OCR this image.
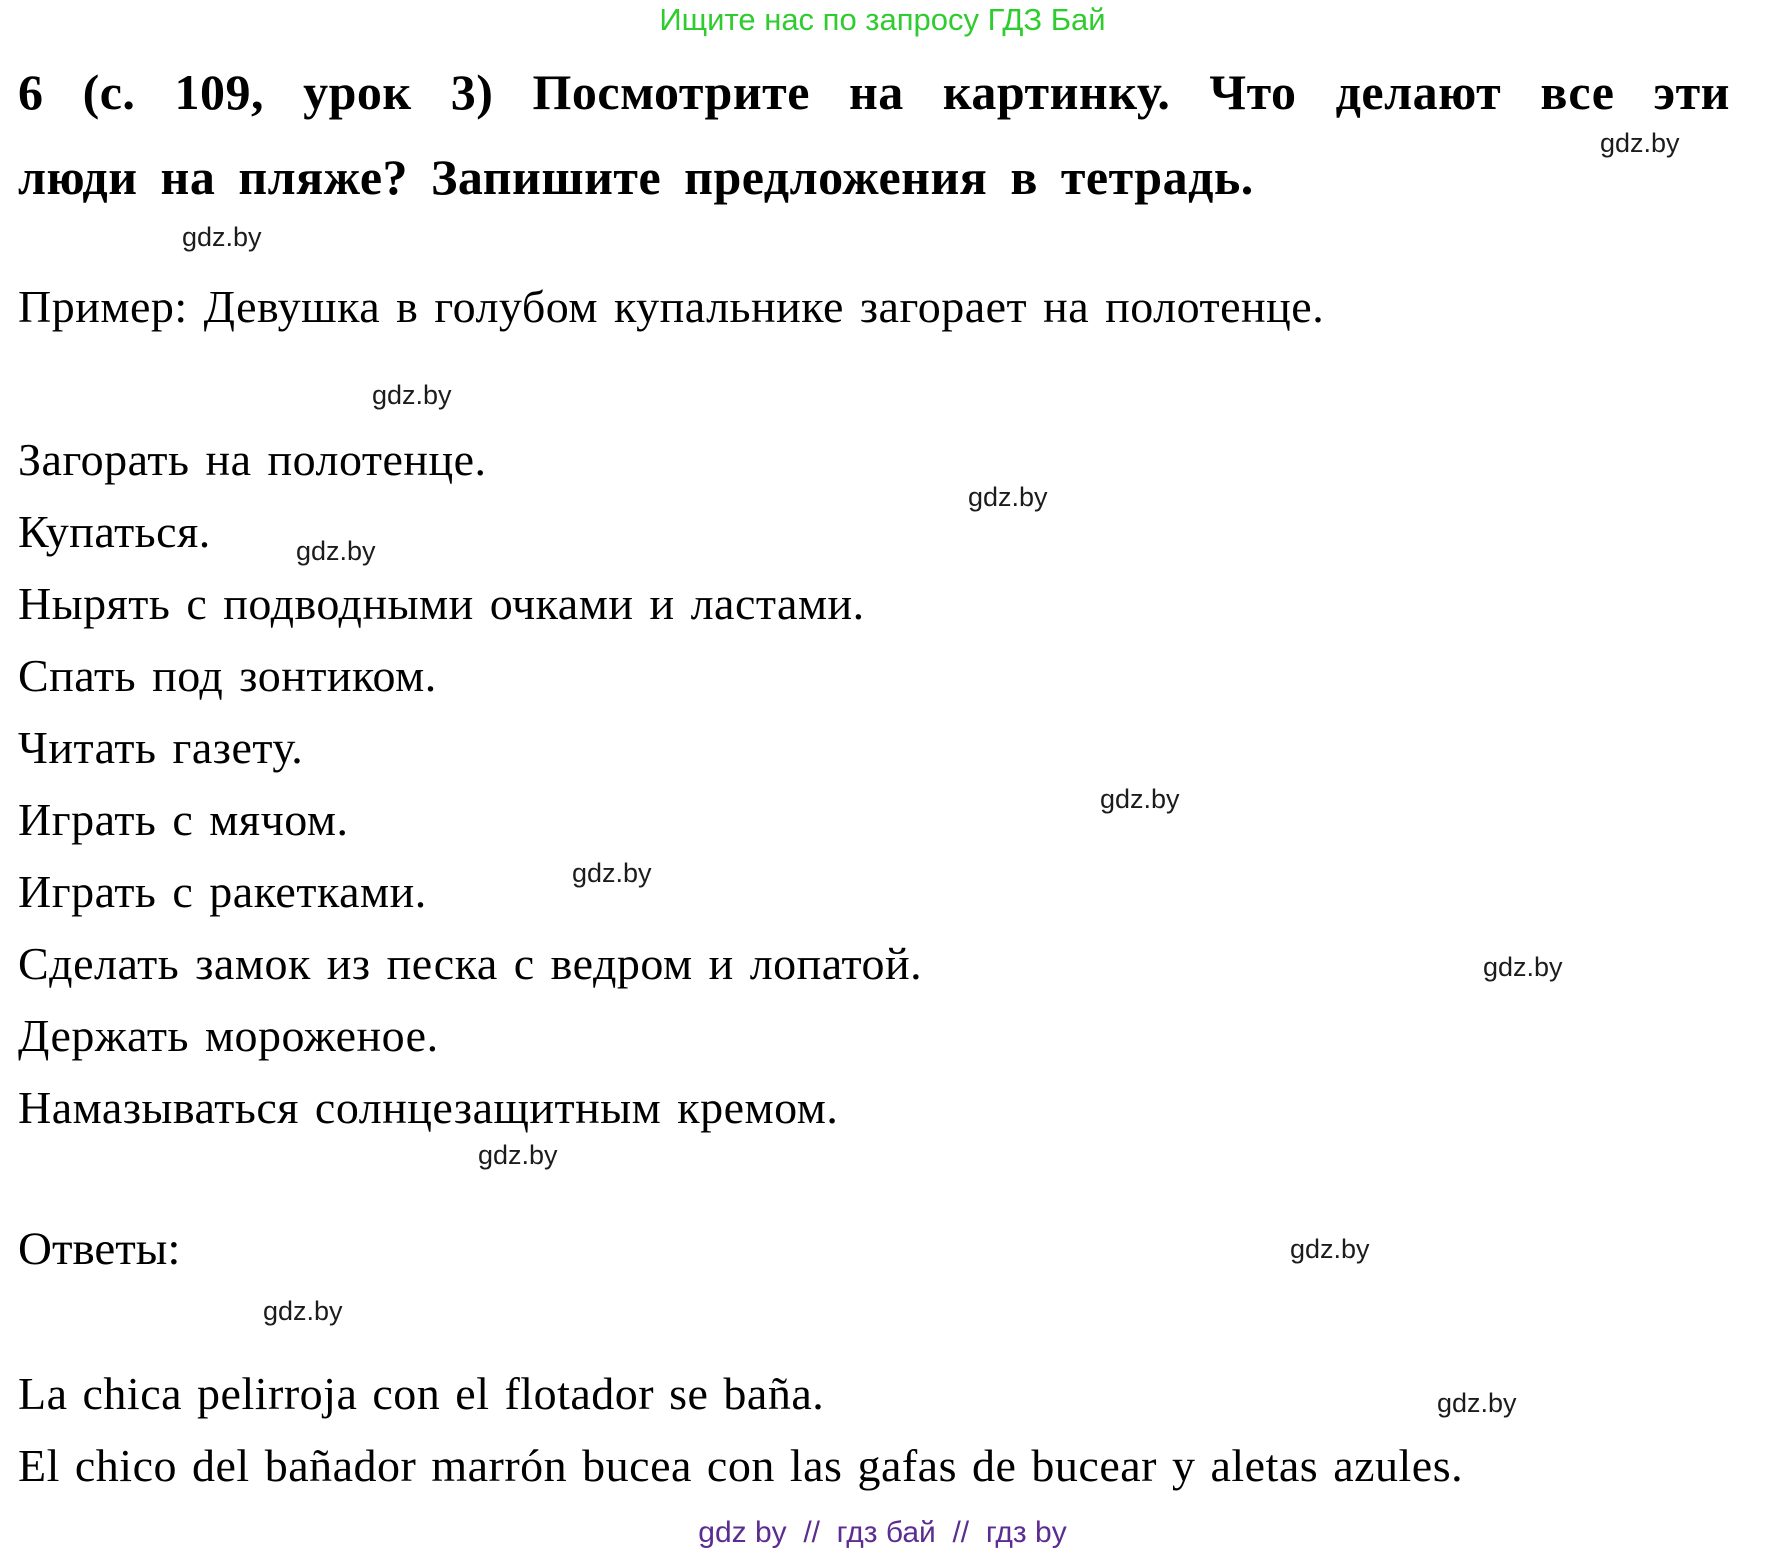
Ищите нас по запросу ГДЗ Бай
6 (с. 109, урок 3) Посмотрите на картинку. Что делают все эти
люди на пляже? Запишите предложения в тетрадь.
Пример: Девушка в голубом купальнике загорает на полотенце.
Загорать на полотенце.
Купаться.
Нырять с подводными очками и ластами.
Спать под зонтиком.
Читать газету.
Играть с мячом.
Играть с ракетками.
Сделать замок из песка с ведром и лопатой.
Держать мороженое.
Намазываться солнцезащитным кремом.
Ответы:
La chica pelirroja con el flotador se baña.
El chico del bañador marrón bucea con las gafas de bucear y aletas azules.
gdz.by
gdz.by
gdz.by
gdz.by
gdz.by
gdz.by
gdz.by
gdz.by
gdz.by
gdz.by
gdz.by
gdz.by
gdz by  //  гдз бай  //  гдз by
